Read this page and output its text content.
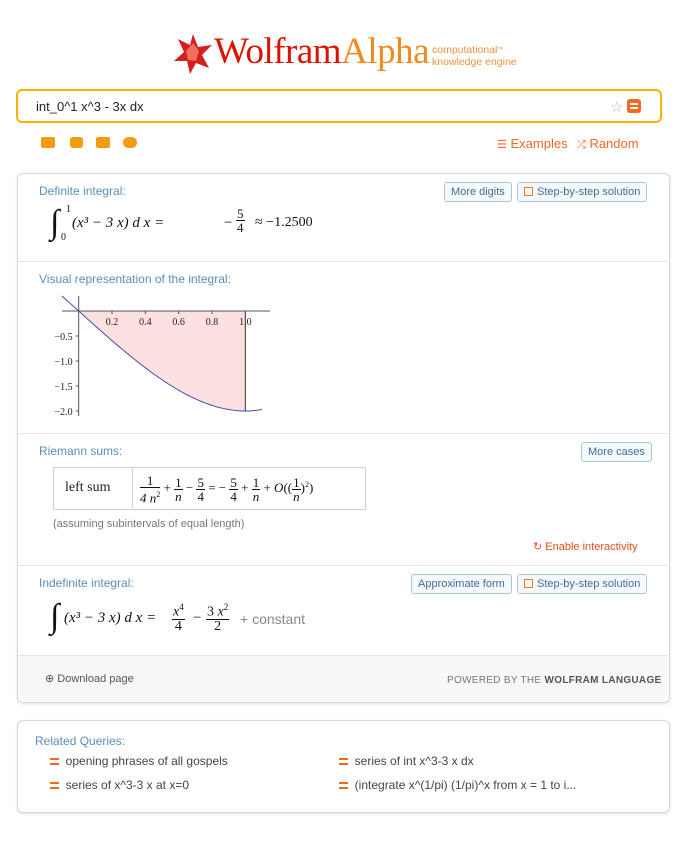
WolframAlpha computational™
knowledge engine
int_0^1 x^3 - 3x dx	☆
☰ Examples ⤮ Random
Definite integral:	More digits	Step-by-step solution
∫ 1
0
(x³ − 3 x) d x =	− $\frac{5}{4} \approx -1.2500$
Visual representation of the integral:
0.2 0.4 0.6 0.8 1.0
−0.5
−1.0
−1.5
−2.0
Riemann sums:	More cases
left sum $\frac{1}{4 n^2} + \frac{1}{n} - \frac{5}{4}$ = − $\frac{5}{4} + \frac{1}{n} + O(( \frac{1}{n} )^2)$
(assuming subintervals of equal length)
↻ Enable interactivity
Indefinite integral:	Approximate form	Step-by-step solution
∫ (x³ − 3 x) d $x = \frac{x^4}{4} - \frac{3 x^2}{2}$ + constant
⊕ Download page	POWERED BY THE WOLFRAM LANGUAGE
Related Queries:
opening phrases of all gospels	series of int x^3-3 x dx
series of x^3-3 x at x=0	(integrate x^(1/pi) (1/pi)^x from x = 1 to i...
